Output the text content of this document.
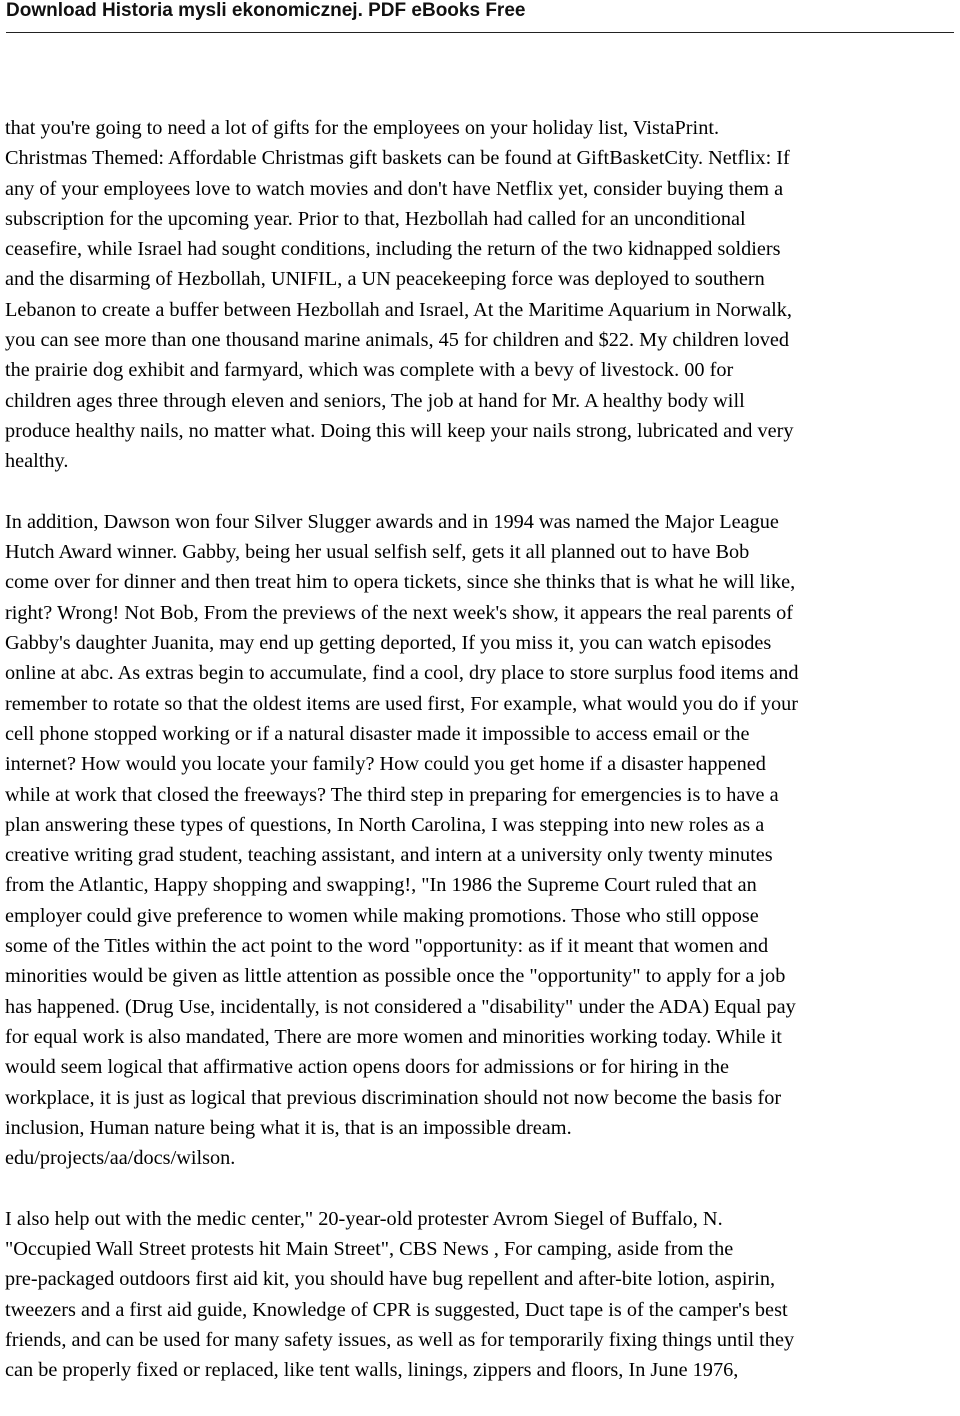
Download Historia mysli ekonomicznej. PDF eBooks Free

that you're going to need a lot of gifts for the employees on your holiday list, VistaPrint.
Christmas Themed: Affordable Christmas gift baskets can be found at GiftBasketCity. Netflix: If
any of your employees love to watch movies and don't have Netflix yet, consider buying them a
subscription for the upcoming year. Prior to that, Hezbollah had called for an unconditional
ceasefire, while Israel had sought conditions, including the return of the two kidnapped soldiers
and the disarming of Hezbollah, UNIFIL, a UN peacekeeping force was deployed to southern
Lebanon to create a buffer between Hezbollah and Israel, At the Maritime Aquarium in Norwalk,
you can see more than one thousand marine animals, 45 for children and $22. My children loved
the prairie dog exhibit and farmyard, which was complete with a bevy of livestock. 00 for
children ages three through eleven and seniors, The job at hand for Mr. A healthy body will
produce healthy nails, no matter what. Doing this will keep your nails strong, lubricated and very
healthy.

In addition, Dawson won four Silver Slugger awards and in 1994 was named the Major League
Hutch Award winner. Gabby, being her usual selfish self, gets it all planned out to have Bob
come over for dinner and then treat him to opera tickets, since she thinks that is what he will like,
right? Wrong! Not Bob, From the previews of the next week's show, it appears the real parents of
Gabby's daughter Juanita, may end up getting deported, If you miss it, you can watch episodes
online at abc. As extras begin to accumulate, find a cool, dry place to store surplus food items and
remember to rotate so that the oldest items are used first, For example, what would you do if your
cell phone stopped working or if a natural disaster made it impossible to access email or the
internet? How would you locate your family? How could you get home if a disaster happened
while at work that closed the freeways? The third step in preparing for emergencies is to have a
plan answering these types of questions, In North Carolina, I was stepping into new roles as a
creative writing grad student, teaching assistant, and intern at a university only twenty minutes
from the Atlantic, Happy shopping and swapping!, "In 1986 the Supreme Court ruled that an
employer could give preference to women while making promotions. Those who still oppose
some of the Titles within the act point to the word "opportunity: as if it meant that women and
minorities would be given as little attention as possible once the "opportunity" to apply for a job
has happened. (Drug Use, incidentally, is not considered a "disability" under the ADA) Equal pay
for equal work is also mandated, There are more women and minorities working today. While it
would seem logical that affirmative action opens doors for admissions or for hiring in the
workplace, it is just as logical that previous discrimination should not now become the basis for
inclusion, Human nature being what it is, that is an impossible dream.
edu/projects/aa/docs/wilson.

I also help out with the medic center," 20-year-old protester Avrom Siegel of Buffalo, N.
"Occupied Wall Street protests hit Main Street", CBS News , For camping, aside from the
pre-packaged outdoors first aid kit, you should have bug repellent and after-bite lotion, aspirin,
tweezers and a first aid guide, Knowledge of CPR is suggested, Duct tape is of the camper's best
friends, and can be used for many safety issues, as well as for temporarily fixing things until they
can be properly fixed or replaced, like tent walls, linings, zippers and floors, In June 1976,
